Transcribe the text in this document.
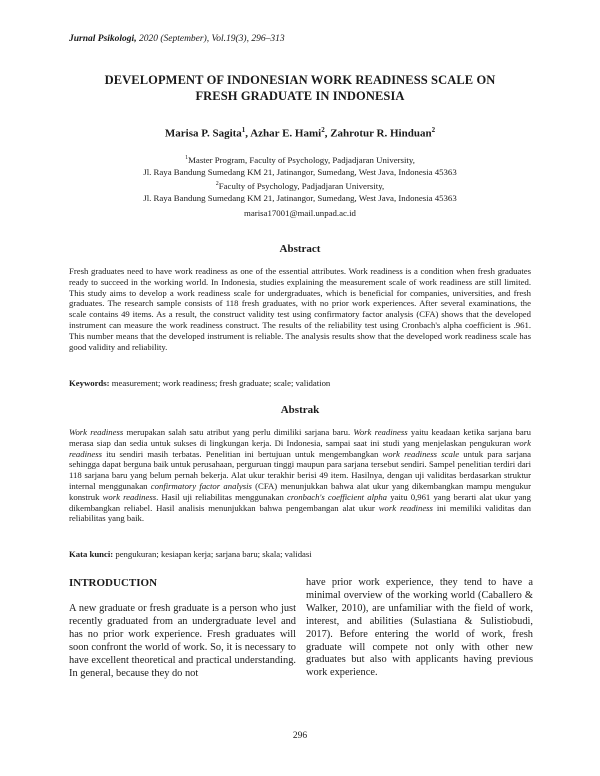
Jurnal Psikologi, 2020 (September), Vol.19(3), 296–313
DEVELOPMENT OF INDONESIAN WORK READINESS SCALE ON
FRESH GRADUATE IN INDONESIA
Marisa P. Sagita$^1$, Azhar E. Hami$^2$, Zahrotur R. Hinduan$^2$
$^1$Master Program, Faculty of Psychology, Padjadjaran University,
Jl. Raya Bandung Sumedang KM 21, Jatinangor, Sumedang, West Java, Indonesia 45363
$^2$Faculty of Psychology, Padjadjaran University,
Jl. Raya Bandung Sumedang KM 21, Jatinangor, Sumedang, West Java, Indonesia 45363
marisa17001@mail.unpad.ac.id
Abstract
Fresh graduates need to have work readiness as one of the essential attributes. Work readiness is a condition when fresh graduates ready to succeed in the working world. In Indonesia, studies explaining the measurement scale of work readiness are still limited. This study aims to develop a work readiness scale for undergraduates, which is beneficial for companies, universities, and fresh graduates. The research sample consists of 118 fresh graduates, with no prior work experiences. After several examinations, the scale contains 49 items. As a result, the construct validity test using confirmatory factor analysis (CFA) shows that the developed instrument can measure the work readiness construct. The results of the reliability test using Cronbach's alpha coefficient is .961. This number means that the developed instrument is reliable. The analysis results show that the developed work readiness scale has good validity and reliability.
Keywords: measurement; work readiness; fresh graduate; scale; validation
Abstrak
Work readiness merupakan salah satu atribut yang perlu dimiliki sarjana baru. Work readiness yaitu keadaan ketika sarjana baru merasa siap dan sedia untuk sukses di lingkungan kerja. Di Indonesia, sampai saat ini studi yang menjelaskan pengukuran work readiness itu sendiri masih terbatas. Penelitian ini bertujuan untuk mengembangkan work readiness scale untuk para sarjana sehingga dapat berguna baik untuk perusahaan, perguruan tinggi maupun para sarjana tersebut sendiri. Sampel penelitian terdiri dari 118 sarjana baru yang belum pernah bekerja. Alat ukur terakhir berisi 49 item. Hasilnya, dengan uji validitas berdasarkan struktur internal menggunakan confirmatory factor analysis (CFA) menunjukkan bahwa alat ukur yang dikembangkan mampu mengukur konstruk work readiness. Hasil uji reliabilitas menggunakan cronbach's coefficient alpha yaitu 0,961 yang berarti alat ukur yang dikembangkan reliabel. Hasil analisis menunjukkan bahwa pengembangan alat ukur work readiness ini memiliki validitas dan reliabilitas yang baik.
Kata kunci: pengukuran; kesiapan kerja; sarjana baru; skala; validasi
INTRODUCTION
A new graduate or fresh graduate is a person who just recently graduated from an undergraduate level and has no prior work experience. Fresh graduates will soon confront the world of work. So, it is necessary to have excellent theoretical and practical understanding. In general, because they do not
have prior work experience, they tend to have a minimal overview of the working world (Caballero & Walker, 2010), are unfamiliar with the field of work, interest, and abilities (Sulastiana & Sulistiobudi, 2017). Before entering the world of work, fresh graduate will compete not only with other new graduates but also with applicants having previous work experience.
296
